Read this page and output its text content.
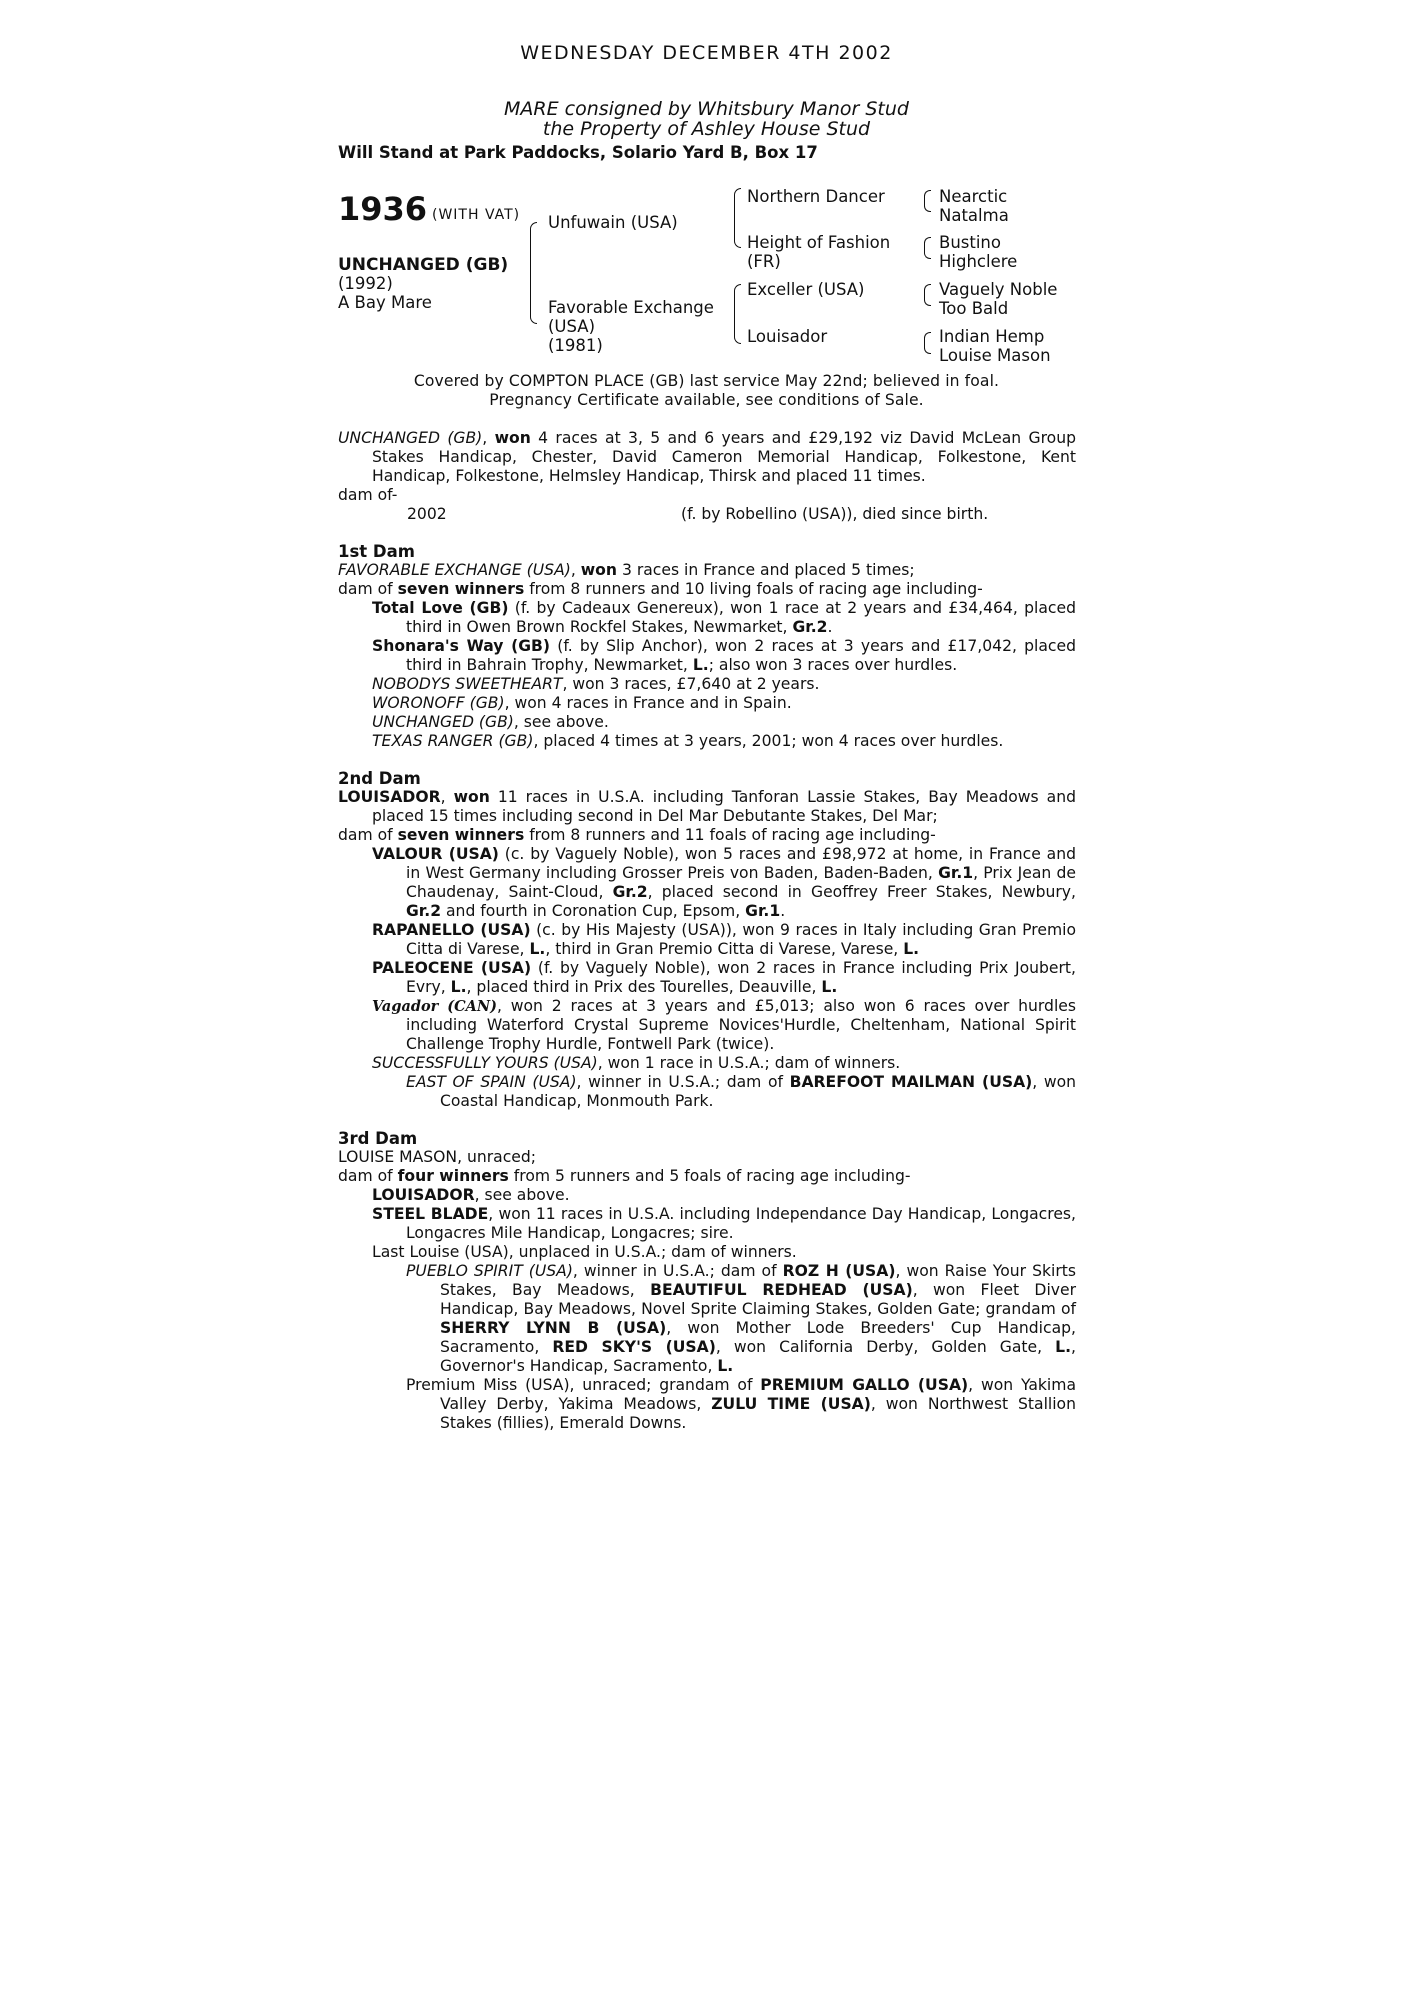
WEDNESDAY DECEMBER 4TH 2002
MARE consigned by Whitsbury Manor Stud
the Property of Ashley House Stud
Will Stand at Park Paddocks, Solario Yard B, Box 17
1936 (WITH VAT)
UNCHANGED (GB)
(1992)
A Bay Mare
Unfuwain (USA)
Favorable Exchange
(USA)
(1981)
Northern Dancer
Height of Fashion
(FR)
Exceller (USA)
Louisador
Nearctic
Natalma
Bustino
Highclere
Vaguely Noble
Too Bald
Indian Hemp
Louise Mason
Covered by COMPTON PLACE (GB) last service May 22nd; believed in foal.
Pregnancy Certificate available, see conditions of Sale.

UNCHANGED (GB), won 4 races at 3, 5 and 6 years and £29,192 viz David McLean Group Stakes Handicap, Chester, David Cameron Memorial Handicap, Folkestone, Kent Handicap, Folkestone, Helmsley Handicap, Thirsk and placed 11 times.

dam of-

2002	(f. by Robellino (USA)), died since birth.

1st Dam

FAVORABLE EXCHANGE (USA), won 3 races in France and placed 5 times;

dam of seven winners from 8 runners and 10 living foals of racing age including-

Total Love (GB) (f. by Cadeaux Genereux), won 1 race at 2 years and £34,464, placed third in Owen Brown Rockfel Stakes, Newmarket, Gr.2.

Shonara's Way (GB) (f. by Slip Anchor), won 2 races at 3 years and £17,042, placed third in Bahrain Trophy, Newmarket, L.; also won 3 races over hurdles.

NOBODYS SWEETHEART, won 3 races, £7,640 at 2 years.

WORONOFF (GB), won 4 races in France and in Spain.

UNCHANGED (GB), see above.

TEXAS RANGER (GB), placed 4 times at 3 years, 2001; won 4 races over hurdles.

2nd Dam

LOUISADOR, won 11 races in U.S.A. including Tanforan Lassie Stakes, Bay Meadows and placed 15 times including second in Del Mar Debutante Stakes, Del Mar;

dam of seven winners from 8 runners and 11 foals of racing age including-

VALOUR (USA) (c. by Vaguely Noble), won 5 races and £98,972 at home, in France and in West Germany including Grosser Preis von Baden, Baden-Baden, Gr.1, Prix Jean de Chaudenay, Saint-Cloud, Gr.2, placed second in Geoffrey Freer Stakes, Newbury, Gr.2 and fourth in Coronation Cup, Epsom, Gr.1.

RAPANELLO (USA) (c. by His Majesty (USA)), won 9 races in Italy including Gran Premio Citta di Varese, L., third in Gran Premio Citta di Varese, Varese, L.

PALEOCENE (USA) (f. by Vaguely Noble), won 2 races in France including Prix Joubert, Evry, L., placed third in Prix des Tourelles, Deauville, L.

Vagador (CAN), won 2 races at 3 years and £5,013; also won 6 races over hurdles including Waterford Crystal Supreme Novices'Hurdle, Cheltenham, National Spirit Challenge Trophy Hurdle, Fontwell Park (twice).

SUCCESSFULLY YOURS (USA), won 1 race in U.S.A.; dam of winners.

EAST OF SPAIN (USA), winner in U.S.A.; dam of BAREFOOT MAILMAN (USA), won Coastal Handicap, Monmouth Park.

3rd Dam

LOUISE MASON, unraced;

dam of four winners from 5 runners and 5 foals of racing age including-

LOUISADOR, see above.

STEEL BLADE, won 11 races in U.S.A. including Independance Day Handicap, Longacres, Longacres Mile Handicap, Longacres; sire.

Last Louise (USA), unplaced in U.S.A.; dam of winners.

PUEBLO SPIRIT (USA), winner in U.S.A.; dam of ROZ H (USA), won Raise Your Skirts Stakes, Bay Meadows, BEAUTIFUL REDHEAD (USA), won Fleet Diver Handicap, Bay Meadows, Novel Sprite Claiming Stakes, Golden Gate; grandam of SHERRY LYNN B (USA), won Mother Lode Breeders' Cup Handicap, Sacramento, RED SKY'S (USA), won California Derby, Golden Gate, L., Governor's Handicap, Sacramento, L.

Premium Miss (USA), unraced; grandam of PREMIUM GALLO (USA), won Yakima Valley Derby, Yakima Meadows, ZULU TIME (USA), won Northwest Stallion Stakes (fillies), Emerald Downs.
